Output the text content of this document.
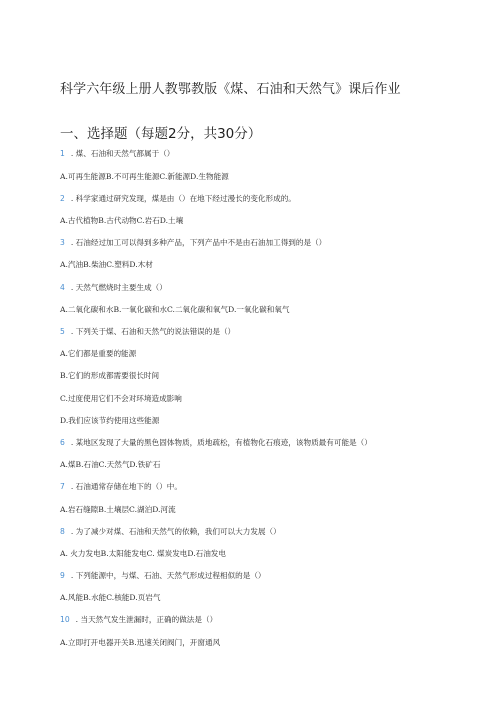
科学六年级上册人教鄂教版《煤、石油和天然气》课后作业
一、选择题（每题2分，共30分）
1 . 煤、石油和天然气都属于（）
A.可再生能源B.不可再生能源C.新能源D.生物能源
2 . 科学家通过研究发现，煤是由（）在地下经过漫长的变化形成的。
A.古代植物B.古代动物C.岩石D.土壤
3 . 石油经过加工可以得到多种产品，下列产品中不是由石油加工得到的是（）
A.汽油B.柴油C.塑料D.木材
4 . 天然气燃烧时主要生成（）
A.二氧化碳和水B.一氧化碳和水C.二氧化碳和氧气D.一氧化碳和氧气
5 . 下列关于煤、石油和天然气的说法错误的是（）
A.它们都是重要的能源
B.它们的形成都需要很长时间
C.过度使用它们不会对环境造成影响
D.我们应该节约使用这些能源
6 . 某地区发现了大量的黑色固体物质，质地疏松，有植物化石痕迹，该物质最有可能是（）
A.煤B.石油C.天然气D.铁矿石
7 . 石油通常存储在地下的（）中。
A.岩石缝隙B.土壤层C.湖泊D.河流
8 . 为了减少对煤、石油和天然气的依赖，我们可以大力发展（）
A. 火力发电B.太阳能发电C. 煤炭发电D.石油发电
9 . 下列能源中，与煤、石油、天然气形成过程相似的是（）
A.风能B.水能C.核能D.页岩气
10 . 当天然气发生泄漏时，正确的做法是（）
A.立即打开电器开关B.迅速关闭阀门，开窗通风
